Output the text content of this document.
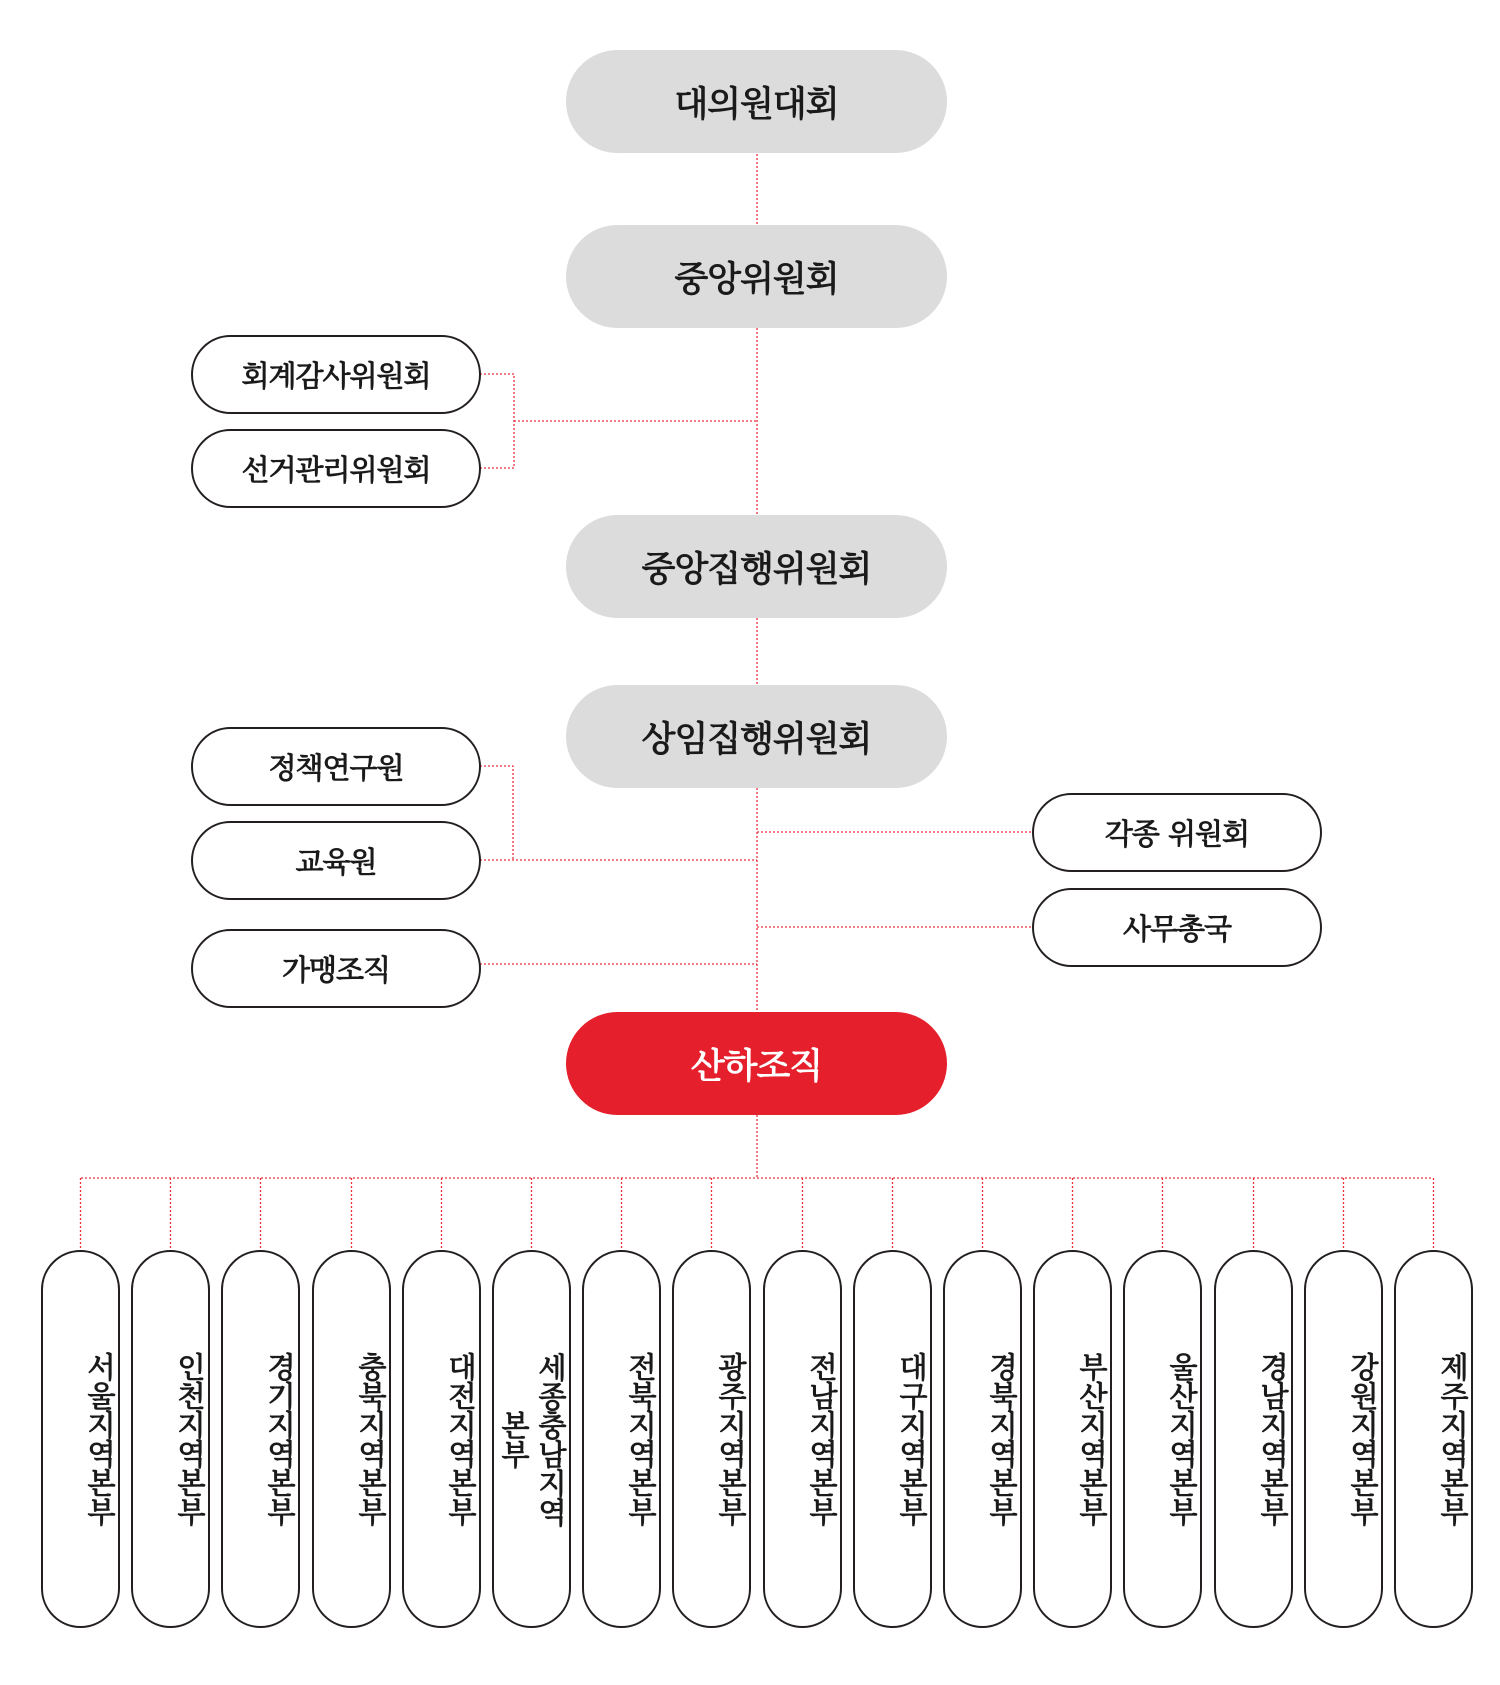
대의원대회
중앙위원회
중앙집행위원회
상임집행위원회
산하조직
회계감사위원회
선거관리위원회
정책연구원
교육원
가맹조직
각종 위원회
사무총국
서울지역본부	인천지역본부	경기지역본부	충북지역본부	대전지역본부	세종충남지역본부	전북지역본부	광주지역본부	전남지역본부	대구지역본부	경북지역본부	부산지역본부	울산지역본부	경남지역본부	강원지역본부	제주지역본부
